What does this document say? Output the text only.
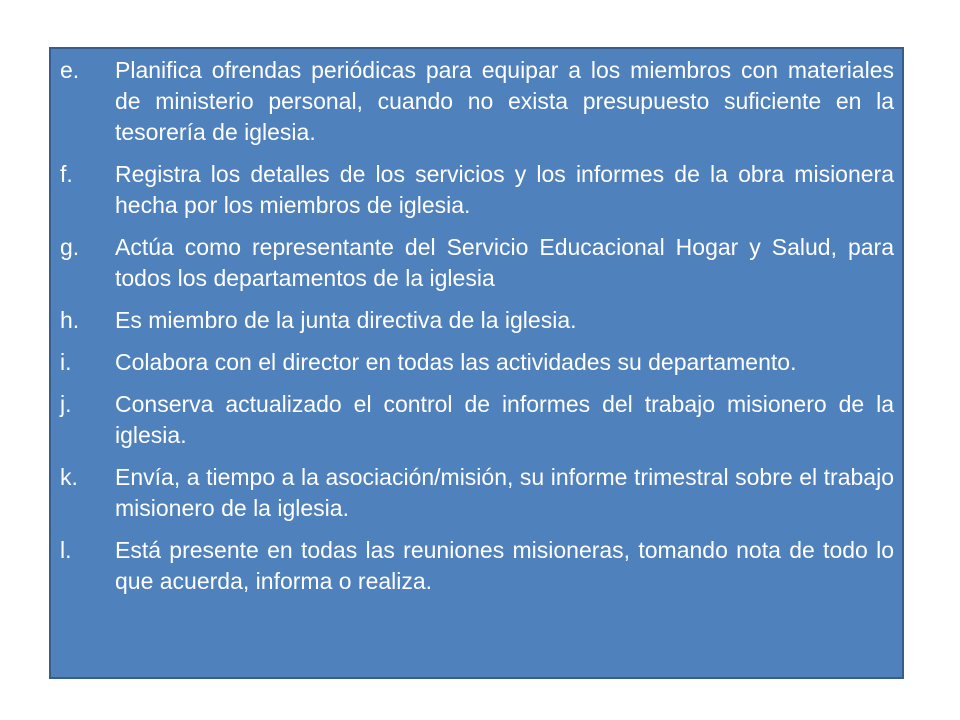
e.	Planifica ofrendas periódicas para equipar a los miembros con materiales de ministerio personal, cuando no exista presupuesto suficiente en la tesorería de iglesia.
f.	Registra los detalles de los servicios y los informes de la obra misionera hecha por los miembros de iglesia.
g.	Actúa como representante del Servicio Educacional Hogar y Salud, para todos los departamentos de la iglesia
h.	Es miembro de la junta directiva de la iglesia.
i.	Colabora con el director en todas las actividades su departamento.
j.	Conserva actualizado el control de informes del trabajo misionero de la iglesia.
k.	Envía, a tiempo a la asociación/misión, su informe trimestral sobre el trabajo misionero de la iglesia.
l.	Está presente en todas las reuniones misioneras, tomando nota de todo lo que acuerda, informa o realiza.
